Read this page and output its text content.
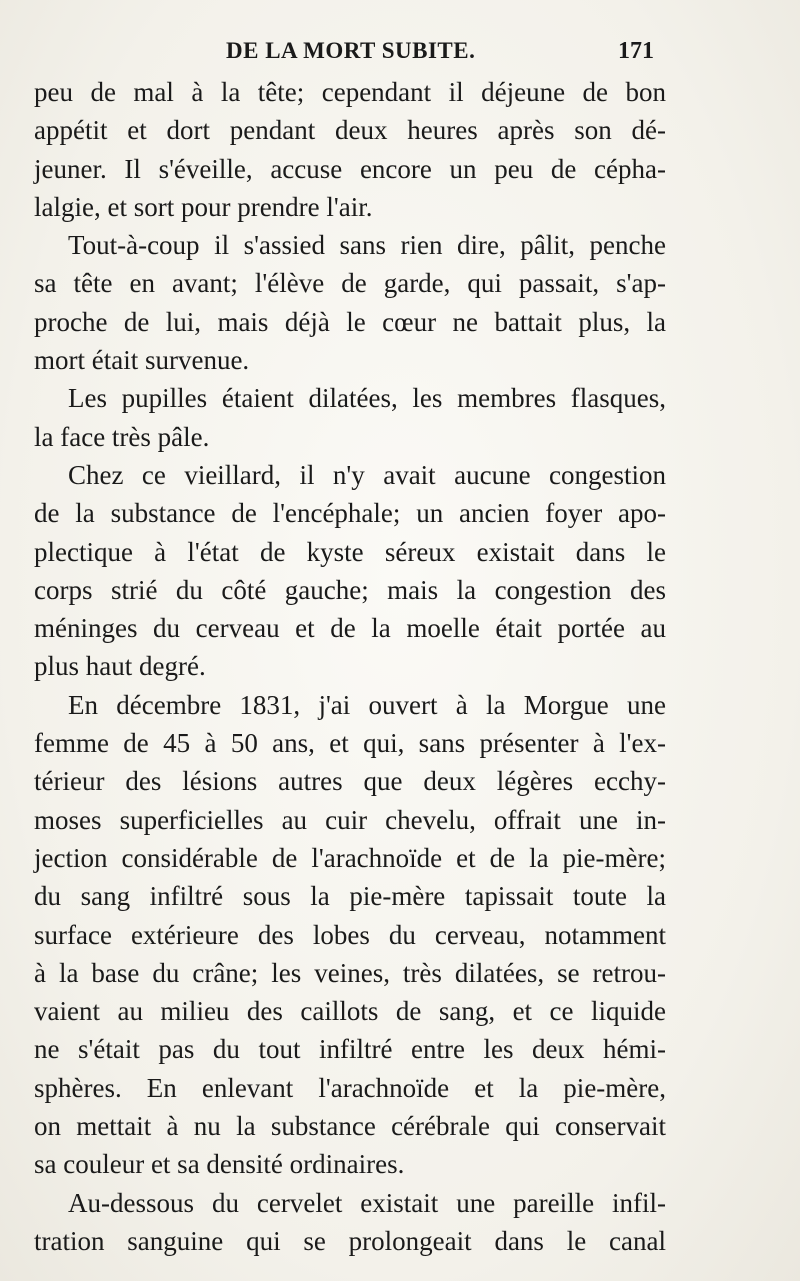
DE LA MORT SUBITE.	171
peu de mal à la tête; cependant il déjeune de bon
appétit et dort pendant deux heures après son dé-
jeuner. Il s'éveille, accuse encore un peu de cépha-
lalgie, et sort pour prendre l'air.
Tout-à-coup il s'assied sans rien dire, pâlit, penche
sa tête en avant; l'élève de garde, qui passait, s'ap-
proche de lui, mais déjà le cœur ne battait plus, la
mort était survenue.
Les pupilles étaient dilatées, les membres flasques,
la face très pâle.
Chez ce vieillard, il n'y avait aucune congestion
de la substance de l'encéphale; un ancien foyer apo-
plectique à l'état de kyste séreux existait dans le
corps strié du côté gauche; mais la congestion des
méninges du cerveau et de la moelle était portée au
plus haut degré.
En décembre 1831, j'ai ouvert à la Morgue une
femme de 45 à 50 ans, et qui, sans présenter à l'ex-
térieur des lésions autres que deux légères ecchy-
moses superficielles au cuir chevelu, offrait une in-
jection considérable de l'arachnoïde et de la pie-mère;
du sang infiltré sous la pie-mère tapissait toute la
surface extérieure des lobes du cerveau, notamment
à la base du crâne; les veines, très dilatées, se retrou-
vaient au milieu des caillots de sang, et ce liquide
ne s'était pas du tout infiltré entre les deux hémi-
sphères. En enlevant l'arachnoïde et la pie-mère,
on mettait à nu la substance cérébrale qui conservait
sa couleur et sa densité ordinaires.
Au-dessous du cervelet existait une pareille infil-
tration sanguine qui se prolongeait dans le canal
